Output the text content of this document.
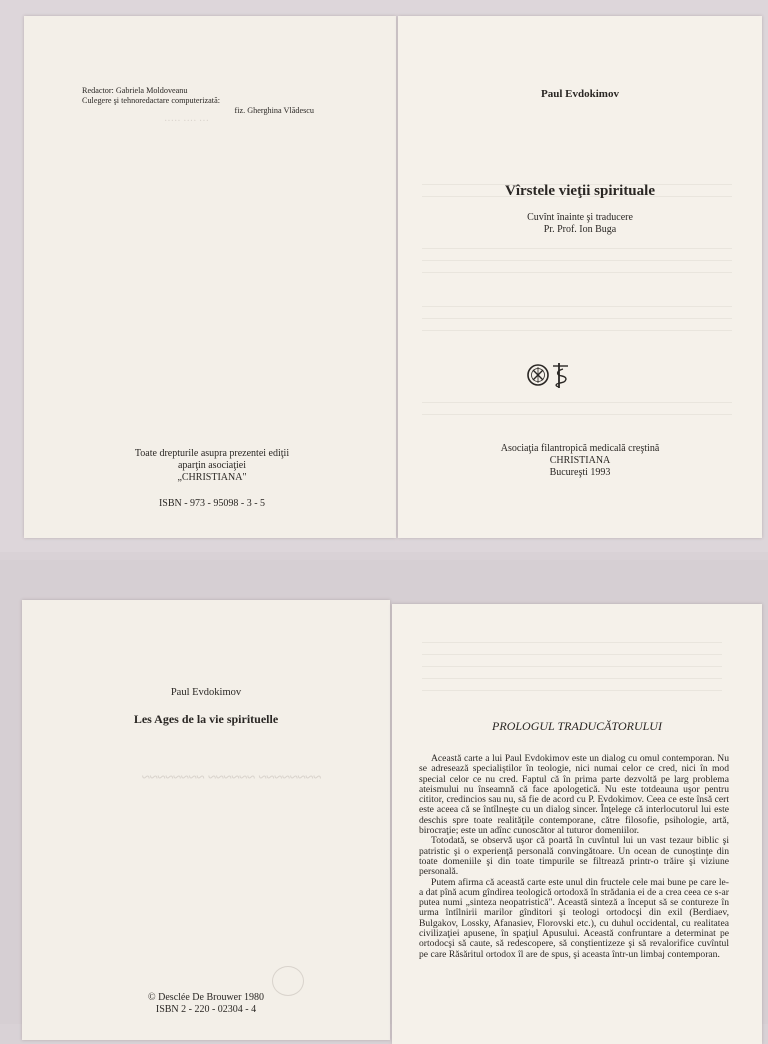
··· ···· ·····
Redactor: Gabriela Moldoveanu
Culegere şi tehnoredactare computerizată:
fiz. Gherghina Vlădescu
Toate drepturile asupra prezentei ediţii
aparţin asociaţiei
„CHRISTIANA"
ISBN - 973 - 95098 - 3 - 5
Paul Evdokimov
Vîrstele vieţii spirituale
Cuvînt înainte şi traducere
Pr. Prof. Ion Buga
Asociaţia filantropică medicală creştină
CHRISTIANA
Bucureşti 1993
~~~~~~~~ ~~~~~~ ~~~~~~~~
Paul Evdokimov
Les Ages de la vie spirituelle
© Desclée De Brouwer 1980
ISBN 2 - 220 - 02304 - 4
PROLOGUL TRADUCĂTORULUI

Această carte a lui Paul Evdokimov este un dialog cu omul contemporan. Nu se adresează specialiştilor în teologie, nici numai celor ce cred, nici în mod special celor ce nu cred. Faptul că în prima parte dezvoltă pe larg problema ateismului nu înseamnă că face apologetică. Nu este totdeauna uşor pentru cititor, credincios sau nu, să fie de acord cu P. Evdokimov. Ceea ce este însă cert este aceea că se întîlneşte cu un dialog sincer. Înţelege că interlocutorul lui este deschis spre toate realităţile contemporane, către filosofie, psihologie, artă, birocraţie; este un adînc cunoscător al tuturor domeniilor.

Totodată, se observă uşor că poartă în cuvîntul lui un vast tezaur biblic şi patristic şi o experienţă personală convingătoare. Un ocean de cunoştinţe din toate domeniile şi din toate timpurile se filtrează printr-o trăire şi viziune personală.

Putem afirma că această carte este unul din fructele cele mai bune pe care le-a dat pînă acum gîndirea teologică ortodoxă în strădania ei de a crea ceea ce s-ar putea numi „sinteza neopatristică". Această sinteză a început să se contureze în urma întîlnirii marilor gînditori şi teologi ortodocşi din exil (Berdiaev, Bulgakov, Lossky, Afanasiev, Florovski etc.), cu duhul occidental, cu realitatea civilizaţiei apusene, în spaţiul Apusului. Această confruntare a determinat pe ortodocşi să caute, să redescopere, să conştientizeze şi să revalorifice cuvîntul pe care Răsăritul ortodox îl are de spus, şi aceasta într-un limbaj contemporan.
